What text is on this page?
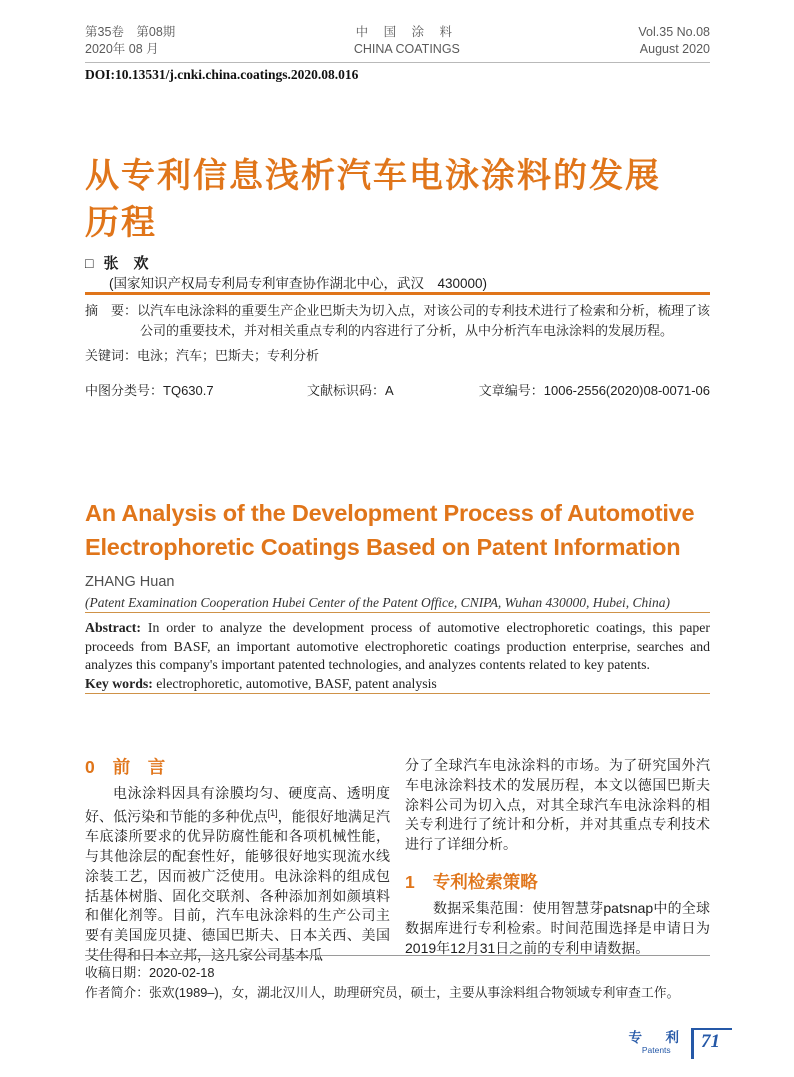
第35卷　第08期
2020年 08 月
中 国 涂 料
CHINA COATINGS
Vol.35 No.08
August 2020
DOI:10.13531/j.cnki.china.coatings.2020.08.016
从专利信息浅析汽车电泳涂料的发展历程
□ 张　欢
(国家知识产权局专利局专利审查协作湖北中心，武汉　430000)

摘　要：以汽车电泳涂料的重要生产企业巴斯夫为切入点，对该公司的专利技术进行了检索和分析，梳理了该公司的重要技术，并对相关重点专利的内容进行了分析，从中分析汽车电泳涂料的发展历程。

关键词：电泳；汽车；巴斯夫；专利分析
中图分类号：TQ630.7	文献标识码：A	文章编号：1006-2556(2020)08-0071-06
An Analysis of the Development Process of Automotive Electrophoretic Coatings Based on Patent Information
ZHANG Huan
(Patent Examination Cooperation Hubei Center of the Patent Office, CNIPA, Wuhan 430000, Hubei, China)

Abstract: In order to analyze the development process of automotive electrophoretic coatings, this paper proceeds from BASF, an important automotive electrophoretic coatings production enterprise, searches and analyzes this company's important patented technologies, and analyzes contents related to key patents.

Key words: electrophoretic, automotive, BASF, patent analysis

0 前　言

电泳涂料因具有涂膜均匀、硬度高、透明度好、低污染和节能的多种优点[1]，能很好地满足汽车底漆所要求的优异防腐性能和各项机械性能，与其他涂层的配套性好，能够很好地实现流水线涂装工艺，因而被广泛使用。电泳涂料的组成包括基体树脂、固化交联剂、各种添加剂如颜填料和催化剂等。目前，汽车电泳涂料的生产公司主要有美国庞贝捷、德国巴斯夫、日本关西、美国艾仕得和日本立邦，这几家公司基本瓜

分了全球汽车电泳涂料的市场。为了研究国外汽车电泳涂料技术的发展历程，本文以德国巴斯夫涂料公司为切入点，对其全球汽车电泳涂料的相关专利进行了统计和分析，并对其重点专利技术进行了详细分析。

1 专利检索策略

数据采集范围：使用智慧芽patsnap中的全球数据库进行专利检索。时间范围选择是申请日为2019年12月31日之前的专利申请数据。

收稿日期：2020-02-18

作者简介：张欢(1989–)，女，湖北汉川人，助理研究员，硕士，主要从事涂料组合物领域专利审查工作。

专　利
Patents	71
